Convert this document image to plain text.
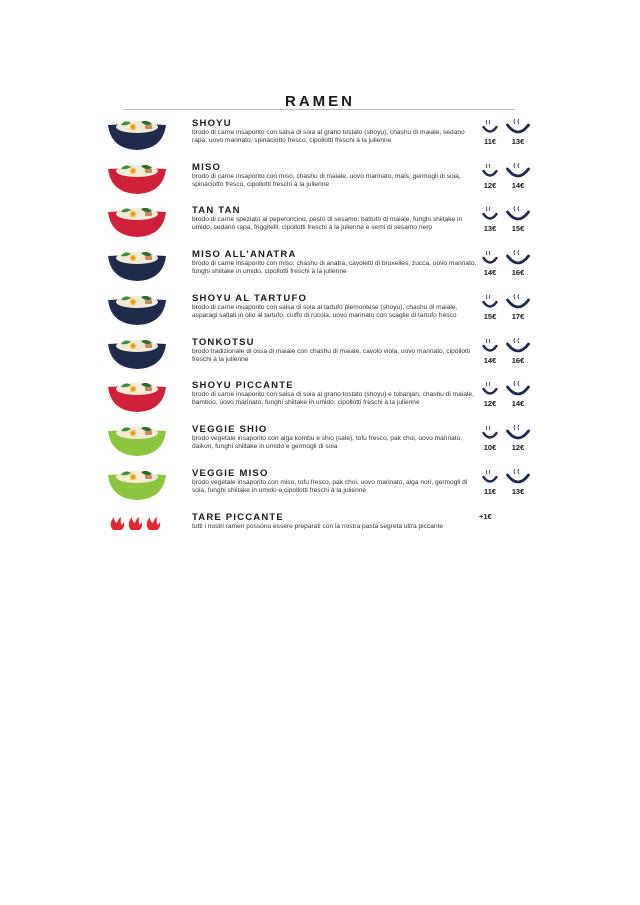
RAMEN
SHOYU
brodo di carne insaporito con salsa di soia al grano tostato (shoyu), chashu di maiale, sedano rapa, uovo marinato, spinaciotto fresco, cipollotti freschi à la julienne	11€	13€
MISO
brodo di carne insaporito con miso, chashu di maiale, uovo marinato, mais, germogli di soia, spinaciotto fresco, cipollotti freschi à la julienne	12€	14€
TAN TAN
brodo di carne speziato al peperoncino, pesto di sesamo, battuto di maiale, funghi shiitake in umido, sedano rapa, friggitelli, cipollotti freschi à la julienne e semi di sesamo nero	13€	15€
MISO ALL’ANATRA
brodo di carne insaporito con miso, chashu di anatra, cavoletti di bruxelles, zucca, uovo marinato, funghi shiitake in umido, cipollotti freschi à la julienne	14€	16€
SHOYU AL TARTUFO
brodo di carne insaporito con salsa di soia al tartufo piemontese (shoyu), chashu di maiale, asparagi saltati in olio al tartufo, ciuffo di rucola, uovo marinato con scaglie di tartufo fresco	15€	17€
TONKOTSU
brodo tradizionale di ossa di maiale con chashu di maiale, cavolo viola, uovo marinato, cipollotti freschi à la julienne	14€	16€
SHOYU PICCANTE
brodo di carne insaporito con salsa di soia al grano tostato (shoyu) e tobanjan, chashu di maiale, bamboo, uovo marinato, funghi shiitake in umido, cipollotti freschi à la julienne	12€	14€
VEGGIE SHIO
brodo vegetale insaporito con alga kombu e shio (sale), tofu fresco, pak choi, uovo marinato, daikon, funghi shiitake in umido e germogli di soia	10€	12€
VEGGIE MISO
brodo vegetale insaporito con miso, tofu fresco, pak choi, uovo marinato, alga nori, germogli di soia, funghi shiitake in umido e cipollotti freschi à la julienne	11€	13€
TARE PICCANTE
tutti i nostri ramen possono essere preparati con la nostra pasta segreta ultra piccante
+1€
